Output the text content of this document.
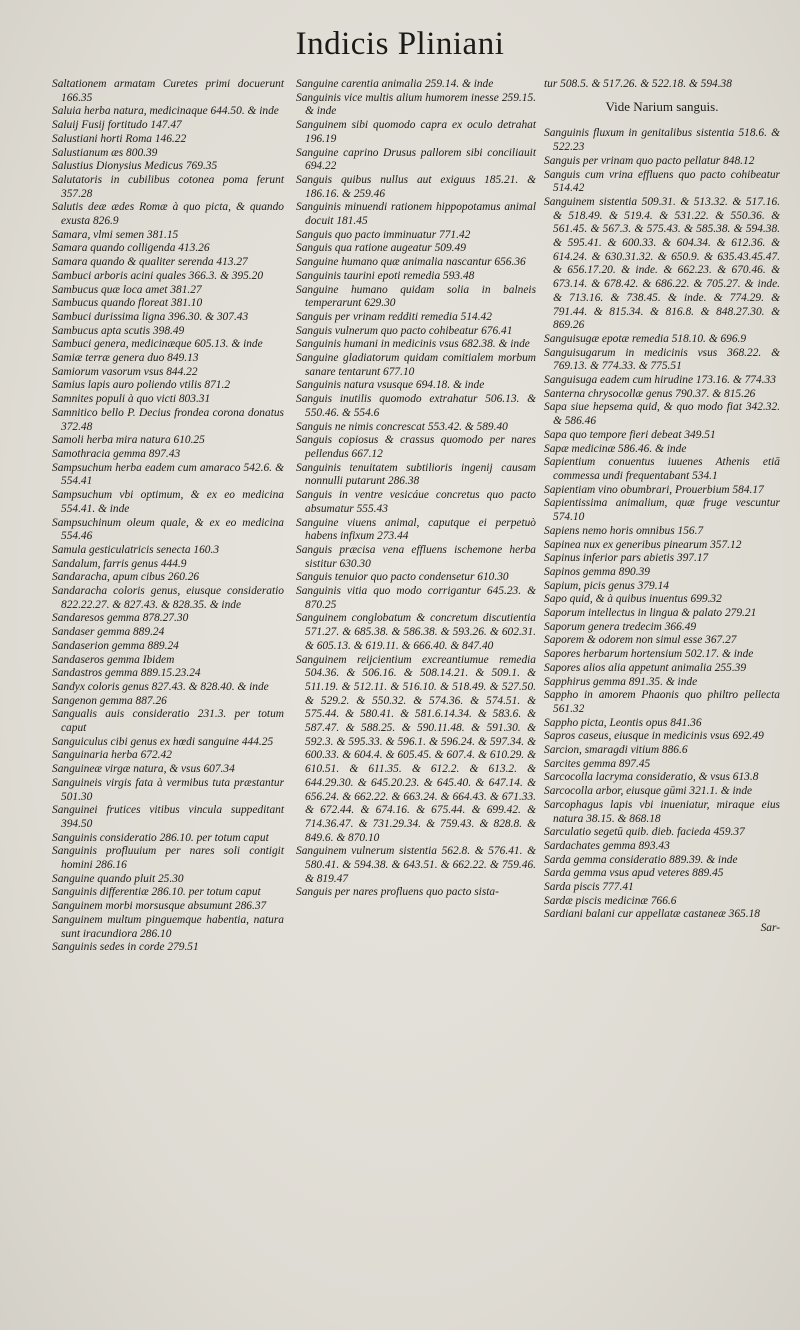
Indicis Pliniani

Saltationem armatam Curetes primi docuerunt 166.35

Saluia herba natura, medicinaque 644.50. & inde

Saluij Fusij fortitudo 147.47

Salustiani horti Roma 146.22

Salustianum æs 800.39

Salustius Dionysius Medicus 769.35

Salutatoris in cubilibus cotonea poma ferunt 357.28

Salutis deæ ædes Romæ à quo picta, & quando exusta 826.9

Samara, vlmi semen 381.15

Samara quando colligenda 413.26

Samara quando & qualiter serenda 413.27

Sambuci arboris acini quales 366.3. & 395.20

Sambucus quæ loca amet 381.27

Sambucus quando floreat 381.10

Sambuci durissima ligna 396.30. & 307.43

Sambucus apta scutis 398.49

Sambuci genera, medicinæque 605.13. & inde

Samiæ terræ genera duo 849.13

Samiorum vasorum vsus 844.22

Samius lapis auro poliendo vtilis 871.2

Samnites populi à quo victi 803.31

Samnitico bello P. Decius frondea corona donatus 372.48

Samoli herba mira natura 610.25

Samothracia gemma 897.43

Sampsuchum herba eadem cum amaraco 542.6. & 554.41

Sampsuchum vbi optimum, & ex eo medicina 554.41. & inde

Sampsuchinum oleum quale, & ex eo medicina 554.46

Samula gesticulatricis senecta 160.3

Sandalum, farris genus 444.9

Sandaracha, apum cibus 260.26

Sandaracha coloris genus, eiusque consideratio 822.22.27. & 827.43. & 828.35. & inde

Sandaresos gemma 878.27.30

Sandaser gemma 889.24

Sandaserion gemma 889.24

Sandaseros gemma Ibidem

Sandastros gemma 889.15.23.24

Sandyx coloris genus 827.43. & 828.40. & inde

Sangenon gemma 887.26

Sangualis auis consideratio 231.3. per totum caput

Sanguiculus cibi genus ex hœdi sanguine 444.25

Sanguinaria herba 672.42

Sanguineæ virgæ natura, & vsus 607.34

Sanguineis virgis fata à vermibus tuta præstantur 501.30

Sanguinei frutices vitibus vincula suppeditant 394.50

Sanguinis consideratio 286.10. per totum caput

Sanguinis profluuium per nares soli contigit homini 286.16

Sanguine quando pluit 25.30

Sanguinis differentiæ 286.10. per totum caput

Sanguinem morbi morsusque absumunt 286.37

Sanguinem multum pinguemque habentia, natura sunt iracundiora 286.10

Sanguinis sedes in corde 279.51

Sanguine carentia animalia 259.14. & inde

Sanguinis vice multis alium humorem inesse 259.15. & inde

Sanguinem sibi quomodo capra ex oculo detrahat 196.19

Sanguine caprino Drusus pallorem sibi conciliauit 694.22

Sanguis quibus nullus aut exiguus 185.21. & 186.16. & 259.46

Sanguinis minuendi rationem hippopotamus animal docuit 181.45

Sanguis quo pacto imminuatur 771.42

Sanguis qua ratione augeatur 509.49

Sanguine humano quæ animalia nascantur 656.36

Sanguinis taurini epoti remedia 593.48

Sanguine humano quidam solia in balneis temperarunt 629.30

Sanguis per vrinam redditi remedia 514.42

Sanguis vulnerum quo pacto cohibeatur 676.41

Sanguinis humani in medicinis vsus 682.38. & inde

Sanguine gladiatorum quidam comitialem morbum sanare tentarunt 677.10

Sanguinis natura vsusque 694.18. & inde

Sanguis inutilis quomodo extrahatur 506.13. & 550.46. & 554.6

Sanguis ne nimis concrescat 553.42. & 589.40

Sanguis copiosus & crassus quomodo per nares pellendus 667.12

Sanguinis tenuitatem subtilioris ingenij causam nonnulli putarunt 286.38

Sanguis in ventre vesicáue concretus quo pacto absumatur 555.43

Sanguine viuens animal, caputque ei perpetuò habens infixum 273.44

Sanguis præcisa vena effluens ischemone herba sistitur 630.30

Sanguis tenuior quo pacto condensetur 610.30

Sanguinis vitia quo modo corrigantur 645.23. & 870.25

Sanguinem conglobatum & concretum discutientia 571.27. & 685.38. & 586.38. & 593.26. & 602.31. & 605.13. & 619.11. & 666.40. & 847.40

Sanguinem reijcientium excreantiumue remedia 504.36. & 506.16. & 508.14.21. & 509.1. & 511.19. & 512.11. & 516.10. & 518.49. & 527.50. & 529.2. & 550.32. & 574.36. & 574.51. & 575.44. & 580.41. & 581.6.14.34. & 583.6. & 587.47. & 588.25. & 590.11.48. & 591.30. & 592.3. & 595.33. & 596.1. & 596.24. & 597.34. & 600.33. & 604.4. & 605.45. & 607.4. & 610.29. & 610.51. & 611.35. & 612.2. & 613.2. & 644.29.30. & 645.20.23. & 645.40. & 647.14. & 656.24. & 662.22. & 663.24. & 664.43. & 671.33. & 672.44. & 674.16. & 675.44. & 699.42. & 714.36.47. & 731.29.34. & 759.43. & 828.8. & 849.6. & 870.10

Sanguinem vulnerum sistentia 562.8. & 576.41. & 580.41. & 594.38. & 643.51. & 662.22. & 759.46. & 819.47

Sanguis per nares profluens quo pacto sista-

tur 508.5. & 517.26. & 522.18. & 594.38

Vide Narium sanguis.

Sanguinis fluxum in genitalibus sistentia 518.6. & 522.23

Sanguis per vrinam quo pacto pellatur 848.12

Sanguis cum vrina effluens quo pacto cohibeatur 514.42

Sanguinem sistentia 509.31. & 513.32. & 517.16. & 518.49. & 519.4. & 531.22. & 550.36. & 561.45. & 567.3. & 575.43. & 585.38. & 594.38. & 595.41. & 600.33. & 604.34. & 612.36. & 614.24. & 630.31.32. & 650.9. & 635.43.45.47. & 656.17.20. & inde. & 662.23. & 670.46. & 673.14. & 678.42. & 686.22. & 705.27. & inde. & 713.16. & 738.45. & inde. & 774.29. & 791.44. & 815.34. & 816.8. & 848.27.30. & 869.26

Sanguisugæ epotæ remedia 518.10. & 696.9

Sanguisugarum in medicinis vsus 368.22. & 769.13. & 774.33. & 775.51

Sanguisuga eadem cum hirudine 173.16. & 774.33

Santerna chrysocollæ genus 790.37. & 815.26

Sapa siue hepsema quid, & quo modo fiat 342.32. & 586.46

Sapa quo tempore fieri debeat 349.51

Sapæ medicinæ 586.46. & inde

Sapientium conuentus iuuenes Athenis etiā commessa undi frequentabant 534.1

Sapientiam vino obumbrari, Prouerbium 584.17

Sapientissima animalium, quæ fruge vescuntur 574.10

Sapiens nemo horis omnibus 156.7

Sapinea nux ex generibus pinearum 357.12

Sapinus inferior pars abietis 397.17

Sapinos gemma 890.39

Sapium, picis genus 379.14

Sapo quid, & à quibus inuentus 699.32

Saporum intellectus in lingua & palato 279.21

Saporum genera tredecim 366.49

Saporem & odorem non simul esse 367.27

Sapores herbarum hortensium 502.17. & inde

Sapores alios alia appetunt animalia 255.39

Sapphirus gemma 891.35. & inde

Sappho in amorem Phaonis quo philtro pellecta 561.32

Sappho picta, Leontis opus 841.36

Sapros caseus, eiusque in medicinis vsus 692.49

Sarcion, smaragdi vitium 886.6

Sarcites gemma 897.45

Sarcocolla lacryma consideratio, & vsus 613.8

Sarcocolla arbor, eiusque gūmi 321.1. & inde

Sarcophagus lapis vbi inueniatur, miraque eius natura 38.15. & 868.18

Sarculatio segetū quib. dieb. facieda 459.37

Sardachates gemma 893.43

Sarda gemma consideratio 889.39. & inde

Sarda gemma vsus apud veteres 889.45

Sarda piscis 777.41

Sardæ piscis medicinæ 766.6

Sardiani balani cur appellatæ castaneæ 365.18

Sar-
